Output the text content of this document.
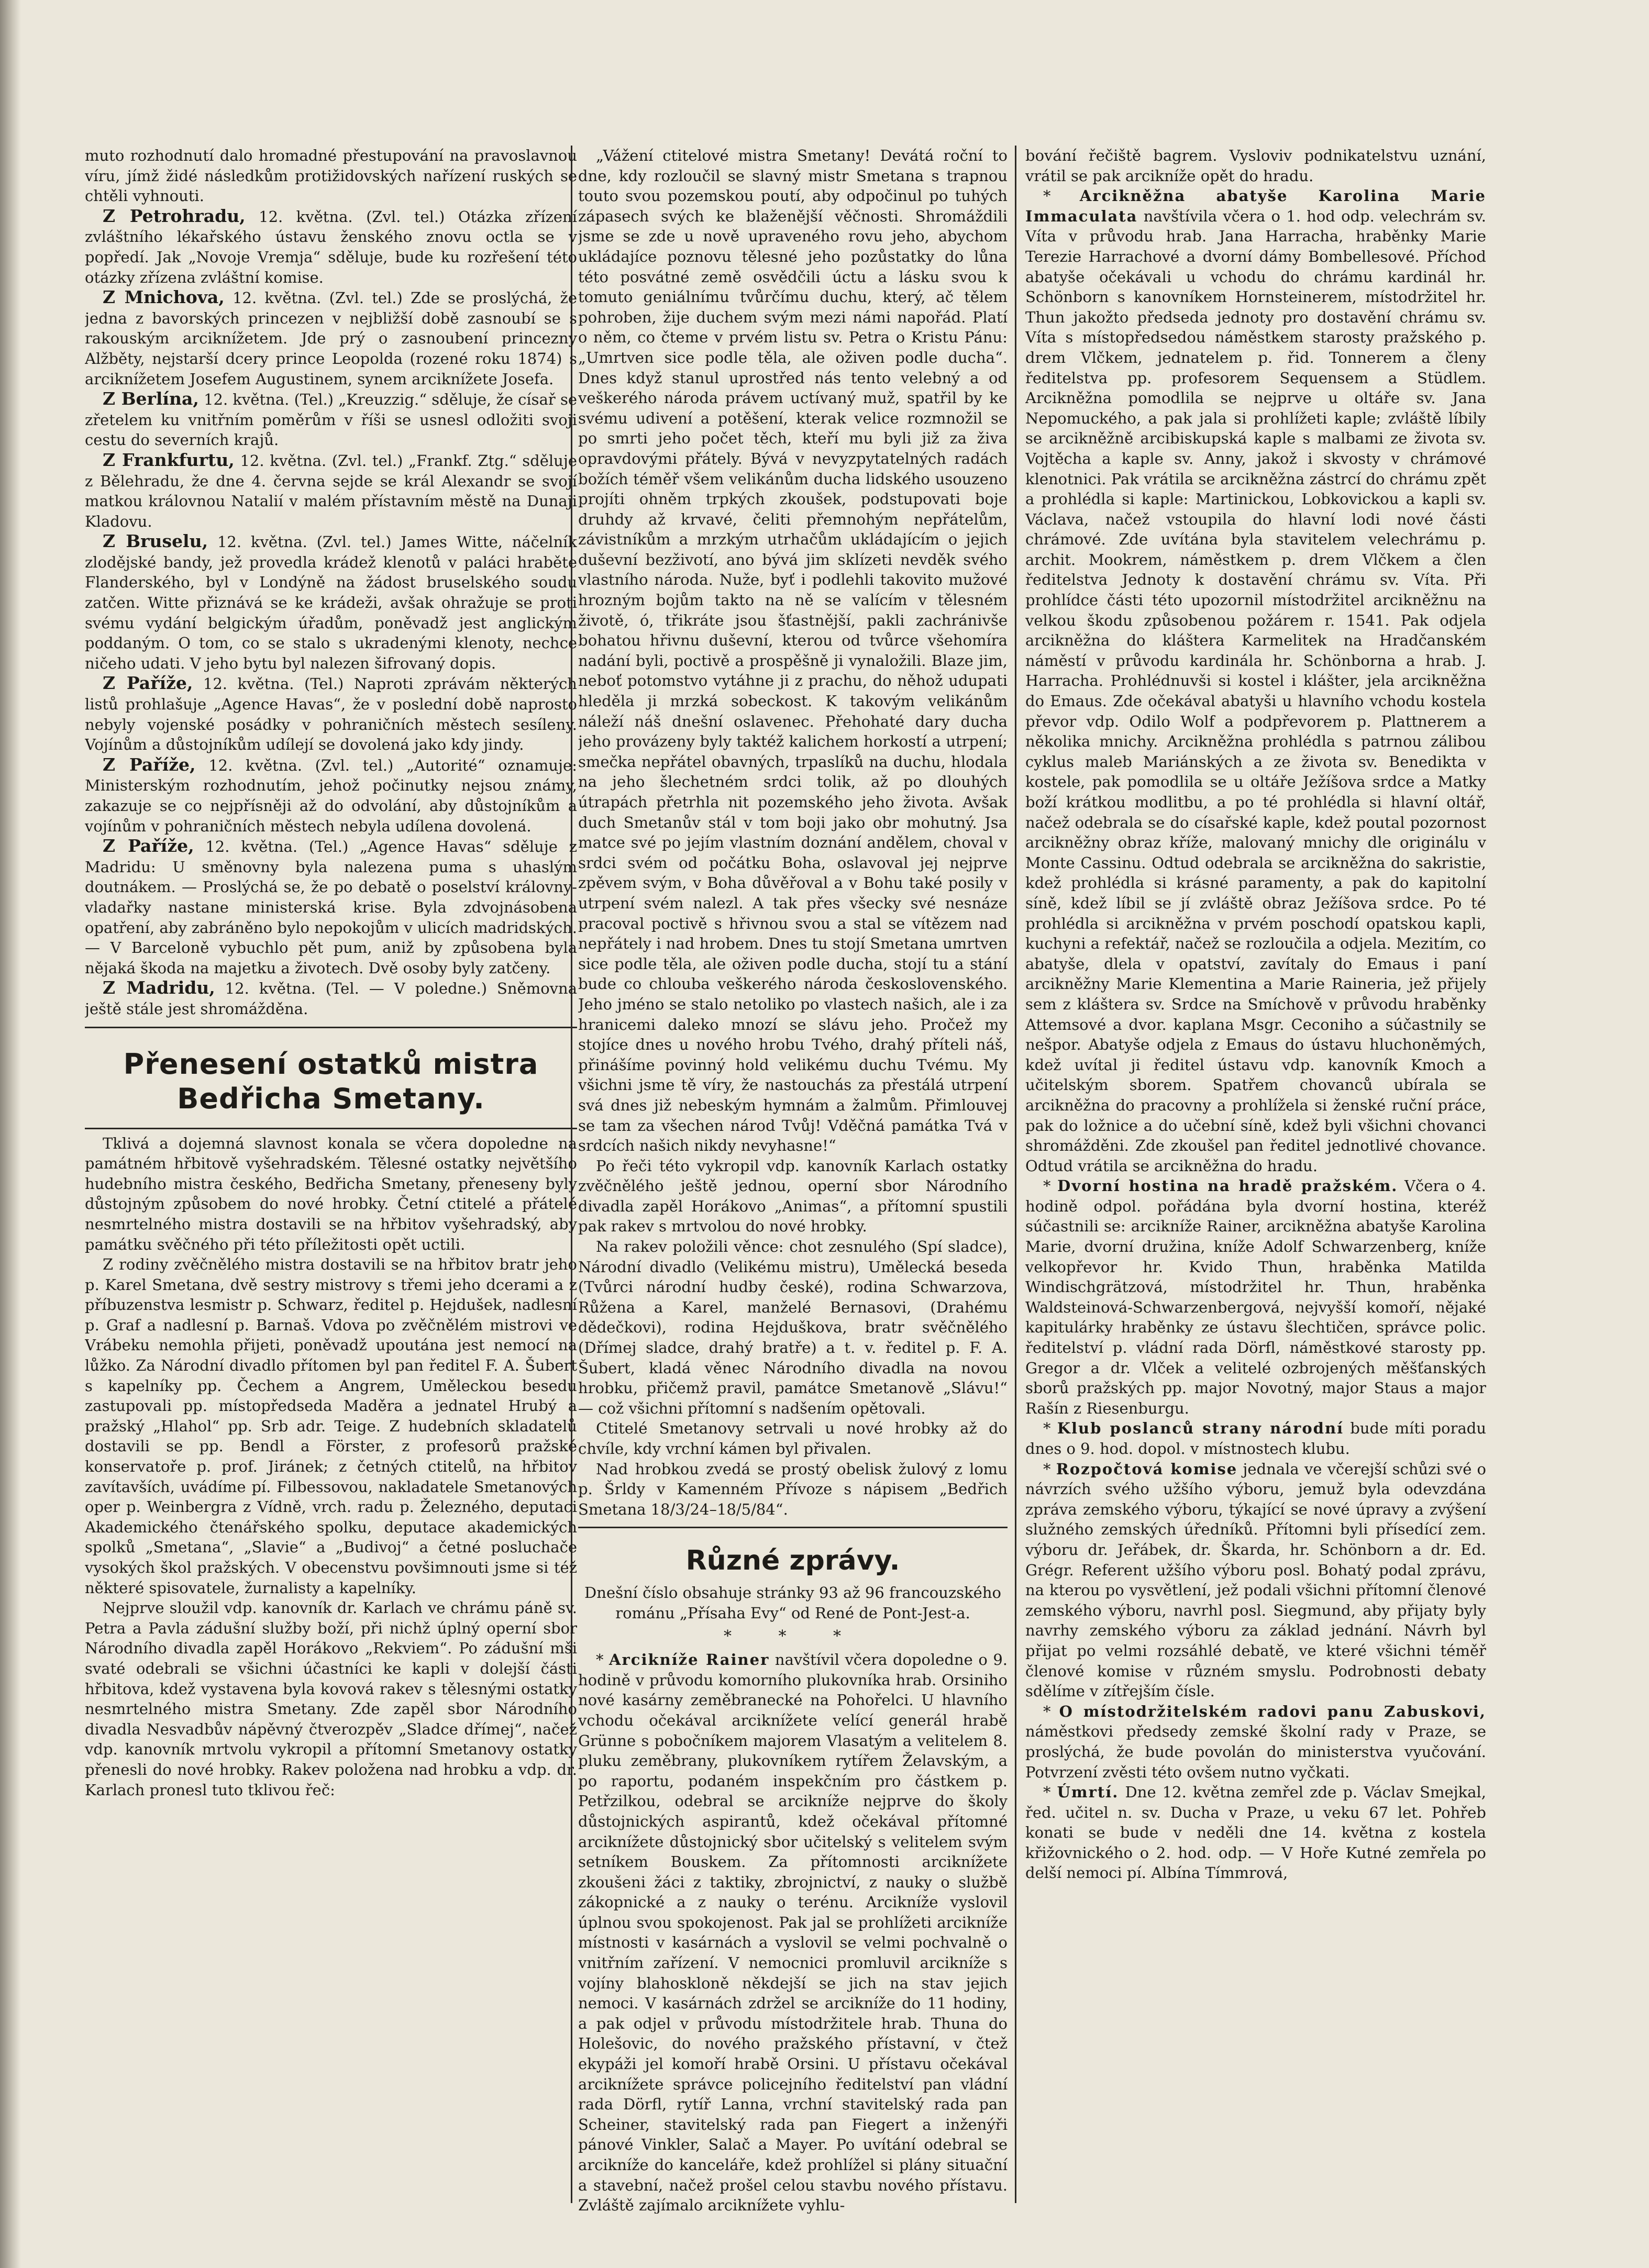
muto rozhodnutí dalo hromadné přestupování na pravoslavnou víru, jímž židé následkům protižidovských nařízení ruských se chtěli vyhnouti.

Z Petrohradu, 12. května. (Zvl. tel.) Otázka zřízení zvláštního lékařského ústavu ženského znovu octla se v popředí. Jak „Novoje Vremja“ sděluje, bude ku rozřešení této otázky zřízena zvláštní komise.

Z Mnichova, 12. května. (Zvl. tel.) Zde se proslýchá, že jedna z bavorských princezen v nejbližší době zasnoubí se s rakouským arciknížetem. Jde prý o zasnoubení princezny Alžběty, nejstarší dcery prince Leopolda (rozené roku 1874) s arciknížetem Josefem Augustinem, synem arciknížete Josefa.

Z Berlína, 12. května. (Tel.) „Kreuzzig.“ sděluje, že císař se zřetelem ku vnitřním poměrům v říši se usnesl odložiti svoji cestu do severních krajů.

Z Frankfurtu, 12. května. (Zvl. tel.) „Frankf. Ztg.“ sděluje z Bělehradu, že dne 4. června sejde se král Alexandr se svojí matkou královnou Natalií v malém přístavním městě na Dunaji Kladovu.

Z Bruselu, 12. května. (Zvl. tel.) James Witte, náčelník zlodějské bandy, jež provedla krádež klenotů v paláci hraběte Flanderského, byl v Londýně na žádost bruselského soudu zatčen. Witte přiznává se ke krádeži, avšak ohražuje se proti svému vydání belgickým úřadům, poněvadž jest anglickým poddaným. O tom, co se stalo s ukradenými klenoty, nechce ničeho udati. V jeho bytu byl nalezen šifrovaný dopis.

Z Paříže, 12. května. (Tel.) Naproti zprávám některých listů prohlašuje „Agence Havas“, že v poslední době naprosto nebyly vojenské posádky v pohraničních městech sesíleny. Vojínům a důstojníkům udílejí se dovolená jako kdy jindy.

Z Paříže, 12. května. (Zvl. tel.) „Autorité“ oznamuje: Ministerským rozhodnutím, jehož počinutky nejsou známy, zakazuje se co nejpřísněji až do odvolání, aby důstojníkům a vojínům v pohraničních městech nebyla udílena dovolená.

Z Paříže, 12. května. (Tel.) „Agence Havas“ sděluje z Madridu: U směnovny byla nalezena puma s uhaslým doutnákem. — Proslýchá se, že po debatě o poselství královny-vladařky nastane ministerská krise. Byla zdvojnásobena opatření, aby zabráněno bylo nepokojům v ulicích madridských. — V Barceloně vybuchlo pět pum, aniž by způsobena byla nějaká škoda na majetku a životech. Dvě osoby byly zatčeny.

Z Madridu, 12. května. (Tel. — V poledne.) Sněmovna ještě stále jest shromážděna.

Přenesení ostatků mistra Bedřicha Smetany.

Tklivá a dojemná slavnost konala se včera dopoledne na památném hřbitově vyšehradském. Tělesné ostatky největšího hudebního mistra českého, Bedřicha Smetany, přeneseny byly důstojným způsobem do nové hrobky. Četní ctitelé a přátelé nesmrtelného mistra dostavili se na hřbitov vyšehradský, aby památku svěčného při této příležitosti opět uctili.

Z rodiny zvěčnělého mistra dostavili se na hřbitov bratr jeho p. Karel Smetana, dvě sestry mistrovy s třemi jeho dcerami a z příbuzenstva lesmistr p. Schwarz, ředitel p. Hejdušek, nadlesní p. Graf a nadlesní p. Barnaš. Vdova po zvěčnělém mistrovi ve Vrábeku nemohla přijeti, poněvadž upoutána jest nemocí na lůžko. Za Národní divadlo přítomen byl pan ředitel F. A. Šubert s kapelníky pp. Čechem a Angrem, Uměleckou besedu zastupovali pp. místopředseda Maděra a jednatel Hrubý a pražský „Hlahol“ pp. Srb adr. Teige. Z hudebních skladatelů dostavili se pp. Bendl a Förster, z profesorů pražské konservatoře p. prof. Jiránek; z četných ctitelů, na hřbitov zavítavších, uvádíme pí. Filbessovou, nakladatele Smetanových oper p. Weinbergra z Vídně, vrch. radu p. Železného, deputaci Akademického čtenářského spolku, deputace akademických spolků „Smetana“, „Slavie“ a „Budivoj“ a četné posluchače vysokých škol pražských. V obecenstvu povšimnouti jsme si též některé spisovatele, žurnalisty a kapelníky.

Nejprve sloužil vdp. kanovník dr. Karlach ve chrámu páně sv. Petra a Pavla zádušní služby boží, při nichž úplný operní sbor Národního divadla zapěl Horákovo „Rekviem“. Po zádušní mši svaté odebrali se všichni účastníci ke kapli v dolejší části hřbitova, kdež vystavena byla kovová rakev s tělesnými ostatky nesmrtelného mistra Smetany. Zde zapěl sbor Národního divadla Nesvadbův nápěvný čtverozpěv „Sladce dřímej“, načež vdp. kanovník mrtvolu vykropil a přítomní Smetanovy ostatky přenesli do nové hrobky. Rakev položena nad hrobku a vdp. dr. Karlach pronesl tuto tklivou řeč:

„Vážení ctitelové mistra Smetany! Devátá roční to dne, kdy rozloučil se slavný mistr Smetana s trapnou touto svou pozemskou poutí, aby odpočinul po tuhých zápasech svých ke blaženější věčnosti. Shromáždili jsme se zde u nově upraveného rovu jeho, abychom ukládajíce poznovu tělesné jeho pozůstatky do lůna této posvátné země osvědčili úctu a lásku svou k tomuto geniálnímu tvůrčímu duchu, který, ač tělem pohroben, žije duchem svým mezi námi napořád. Platí o něm, co čteme v prvém listu sv. Petra o Kristu Pánu: „Umrtven sice podle těla, ale oživen podle ducha“. Dnes když stanul uprostřed nás tento velebný a od veškerého národa právem uctívaný muž, spatřil by ke svému udivení a potěšení, kterak velice rozmnožil se po smrti jeho počet těch, kteří mu byli již za živa opravdovými přátely. Bývá v nevyzpytatelných radách božích téměř všem velikánům ducha lidského usouzeno projíti ohněm trpkých zkoušek, podstupovati boje druhdy až krvavé, čeliti přemnohým nepřátelům, závistníkům a mrzkým utrhačům ukládajícím o jejich duševní bezživotí, ano bývá jim sklízeti nevděk svého vlastního národa. Nuže, byť i podlehli takovito mužové hrozným bojům takto na ně se valícím v tělesném životě, ó, třikráte jsou šťastnější, pakli zachránivše bohatou hřivnu duševní, kterou od tvůrce všehomíra nadání byli, poctivě a prospěšně ji vynaložili. Blaze jim, neboť potomstvo vytáhne ji z prachu, do něhož udupati hleděla ji mrzká sobeckost. K takovým velikánům náleží náš dnešní oslavenec. Přehohaté dary ducha jeho provázeny byly taktéž kalichem horkostí a utrpení; smečka nepřátel obavných, trpaslíků na duchu, hlodala na jeho šlechetném srdci tolik, až po dlouhých útrapách přetrhla nit pozemského jeho života. Avšak duch Smetanův stál v tom boji jako obr mohutný. Jsa matce své po jejím vlastním doznání andělem, choval v srdci svém od počátku Boha, oslavoval jej nejprve zpěvem svým, v Boha důvěřoval a v Bohu také posily v utrpení svém nalezl. A tak přes všecky své nesnáze pracoval poctivě s hřivnou svou a stal se vítězem nad nepřátely i nad hrobem. Dnes tu stojí Smetana umrtven sice podle těla, ale oživen podle ducha, stojí tu a stání bude co chlouba veškerého národa československého. Jeho jméno se stalo netoliko po vlastech našich, ale i za hranicemi daleko mnozí se slávu jeho. Pročež my stojíce dnes u nového hrobu Tvého, drahý příteli náš, přinášíme povinný hold velikému duchu Tvému. My všichni jsme tě víry, že nastouchás za přestálá utrpení svá dnes již nebeským hymnám a žalmům. Přimlouvej se tam za všechen národ Tvůj! Vděčná památka Tvá v srdcích našich nikdy nevyhasne!“

Po řeči této vykropil vdp. kanovník Karlach ostatky zvěčnělého ještě jednou, operní sbor Národního divadla zapěl Horákovo „Animas“, a přítomní spustili pak rakev s mrtvolou do nové hrobky.

Na rakev položili věnce: chot zesnulého (Spí sladce), Národní divadlo (Velikému mistru), Umělecká beseda (Tvůrci národní hudby české), rodina Schwarzova, Růžena a Karel, manželé Bernasovi, (Drahému dědečkovi), rodina Hejduškova, bratr svěčnělého (Dřímej sladce, drahý bratře) a t. v. ředitel p. F. A. Šubert, kladá věnec Národního divadla na novou hrobku, přičemž pravil, památce Smetanově „Slávu!“ — což všichni přítomní s nadšením opětovali.

Ctitelé Smetanovy setrvali u nové hrobky až do chvíle, kdy vrchní kámen byl přivalen.

Nad hrobkou zvedá se prostý obelisk žulový z lomu p. Šrldy v Kamenném Přívoze s nápisem „Bedřich Smetana 18/3/24–18/5/84“.

Různé zprávy.

Dnešní číslo obsahuje stránky 93 až 96 francouzského románu „Přísaha Evy“ od René de Pont-Jest-a.

* * *

* Arcikníže Rainer navštívil včera dopoledne o 9. hodině v průvodu komorního plukovníka hrab. Orsiniho nové kasárny zeměbranecké na Pohořelci. U hlavního vchodu očekával arciknížete velící generál hrabě Grünne s pobočníkem majorem Vlasatým a velitelem 8. pluku zeměbrany, plukovníkem rytířem Želavským, a po raportu, podaném inspekčním pro částkem p. Petřzilkou, odebral se arcikníže nejprve do školy důstojnických aspirantů, kdež očekával přítomné arciknížete důstojnický sbor učitelský s velitelem svým setníkem Bouskem. Za přítomnosti arciknížete zkoušeni žáci z taktiky, zbrojnictví, z nauky o službě zákopnické a z nauky o terénu. Arcikníže vyslovil úplnou svou spokojenost. Pak jal se prohlížeti arcikníže místnosti v kasárnách a vyslovil se velmi pochvalně o vnitřním zařízení. V nemocnici promluvil arcikníže s vojíny blahoskloně někdejší se jich na stav jejich nemoci. V kasárnách zdržel se arcikníže do 11 hodiny, a pak odjel v průvodu místodržitele hrab. Thuna do Holešovic, do nového pražského přístavní, v čtež ekypáži jel komoří hrabě Orsini. U přístavu očekával arciknížete správce policejního ředitelství pan vládní rada Dörfl, rytíř Lanna, vrchní stavitelský rada pan Scheiner, stavitelský rada pan Fiegert a inženýři pánové Vinkler, Salač a Mayer. Po uvítání odebral se arcikníže do kanceláře, kdež prohlížel si plány situační a stavební, načež prošel celou stavbu nového přístavu. Zvláště zajímalo arciknížete vyhlu-

bování řečiště bagrem. Vysloviv podnikatelstvu uznání, vrátil se pak arcikníže opět do hradu.

* Arcikněžna abatyše Karolina Marie Immaculata navštívila včera o 1. hod odp. velechrám sv. Víta v průvodu hrab. Jana Harracha, hraběnky Marie Terezie Harrachové a dvorní dámy Bombellesové. Příchod abatyše očekávali u vchodu do chrámu kardinál hr. Schönborn s kanovníkem Hornsteinerem, místodržitel hr. Thun jakožto předseda jednoty pro dostavění chrámu sv. Víta s místopředsedou náměstkem starosty pražského p. drem Vlčkem, jednatelem p. řid. Tonnerem a členy ředitelstva pp. profesorem Sequensem a Stüdlem. Arcikněžna pomodlila se nejprve u oltáře sv. Jana Nepomuckého, a pak jala si prohlížeti kaple; zvláště líbily se arcikněžně arcibiskupská kaple s malbami ze života sv. Vojtěcha a kaple sv. Anny, jakož i skvosty v chrámové klenotnici. Pak vrátila se arcikněžna zástrcí do chrámu zpět a prohlédla si kaple: Martinickou, Lobkovickou a kapli sv. Václava, načež vstoupila do hlavní lodi nové části chrámové. Zde uvítána byla stavitelem velechrámu p. archit. Mookrem, náměstkem p. drem Vlčkem a člen ředitelstva Jednoty k dostavění chrámu sv. Víta. Při prohlídce části této upozornil místodržitel arcikněžnu na velkou škodu způsobenou požárem r. 1541. Pak odjela arcikněžna do kláštera Karmelitek na Hradčanském náměstí v průvodu kardinála hr. Schönborna a hrab. J. Harracha. Prohlédnuvši si kostel i klášter, jela arcikněžna do Emaus. Zde očekával abatyši u hlavního vchodu kostela převor vdp. Odilo Wolf a podpřevorem p. Plattnerem a několika mnichy. Arcikněžna prohlédla s patrnou zálibou cyklus maleb Mariánských a ze života sv. Benedikta v kostele, pak pomodlila se u oltáře Ježíšova srdce a Matky boží krátkou modlitbu, a po té prohlédla si hlavní oltář, načež odebrala se do císařské kaple, kdež poutal pozornost arcikněžny obraz kříže, malovaný mnichy dle originálu v Monte Cassinu. Odtud odebrala se arcikněžna do sakristie, kdež prohlédla si krásné paramenty, a pak do kapitolní síně, kdež líbil se jí zvláště obraz Ježíšova srdce. Po té prohlédla si arcikněžna v prvém poschodí opatskou kapli, kuchyni a refektář, načež se rozloučila a odjela. Mezitím, co abatyše, dlela v opatství, zavítaly do Emaus i paní arcikněžny Marie Klementina a Marie Raineria, jež přijely sem z kláštera sv. Srdce na Smíchově v průvodu hraběnky Attemsové a dvor. kaplana Msgr. Ceconiho a súčastnily se nešpor. Abatyše odjela z Emaus do ústavu hluchoněmých, kdež uvítal ji ředitel ústavu vdp. kanovník Kmoch a učitelským sborem. Spatřem chovanců ubírala se arcikněžna do pracovny a prohlížela si ženské ruční práce, pak do ložnice a do učební síně, kdež byli všichni chovanci shromážděni. Zde zkoušel pan ředitel jednotlivé chovance. Odtud vrátila se arcikněžna do hradu.

* Dvorní hostina na hradě pražském. Včera o 4. hodině odpol. pořádána byla dvorní hostina, kteréž súčastnili se: arcikníže Rainer, arcikněžna abatyše Karolina Marie, dvorní družina, kníže Adolf Schwarzenberg, kníže velkopřevor hr. Kvido Thun, hraběnka Matilda Windischgrätzová, místodržitel hr. Thun, hraběnka Waldsteinová-Schwarzenbergová, nejvyšší komoří, nějaké kapitulárky hraběnky ze ústavu šlechtičen, správce polic. ředitelství p. vládní rada Dörfl, náměstkové starosty pp. Gregor a dr. Vlček a velitelé ozbrojených měšťanských sborů pražských pp. major Novotný, major Staus a major Rašín z Riesenburgu.

* Klub poslanců strany národní bude míti poradu dnes o 9. hod. dopol. v místnostech klubu.

* Rozpočtová komise jednala ve včerejší schůzi své o návrzích svého užšího výboru, jemuž byla odevzdána zpráva zemského výboru, týkající se nové úpravy a zvýšení služného zemských úředníků. Přítomni byli přísedící zem. výboru dr. Jeřábek, dr. Škarda, hr. Schönborn a dr. Ed. Grégr. Referent užšího výboru posl. Bohatý podal zprávu, na kterou po vysvětlení, jež podali všichni přítomní členové zemského výboru, navrhl posl. Siegmund, aby přijaty byly navrhy zemského výboru za základ jednání. Návrh byl přijat po velmi rozsáhlé debatě, ve které všichni téměř členové komise v různém smyslu. Podrobnosti debaty sdělíme v zítřejším čísle.

* O místodržitelském radovi panu Zabuskovi, náměstkovi předsedy zemské školní rady v Praze, se proslýchá, že bude povolán do ministerstva vyučování. Potvrzení zvěsti této ovšem nutno vyčkati.

* Úmrtí. Dne 12. května zemřel zde p. Václav Smejkal, řed. učitel n. sv. Ducha v Praze, u veku 67 let. Pohřeb konati se bude v neděli dne 14. května z kostela křižovnického o 2. hod. odp. — V Hoře Kutné zemřela po delší nemoci pí. Albína Tímmrová,
